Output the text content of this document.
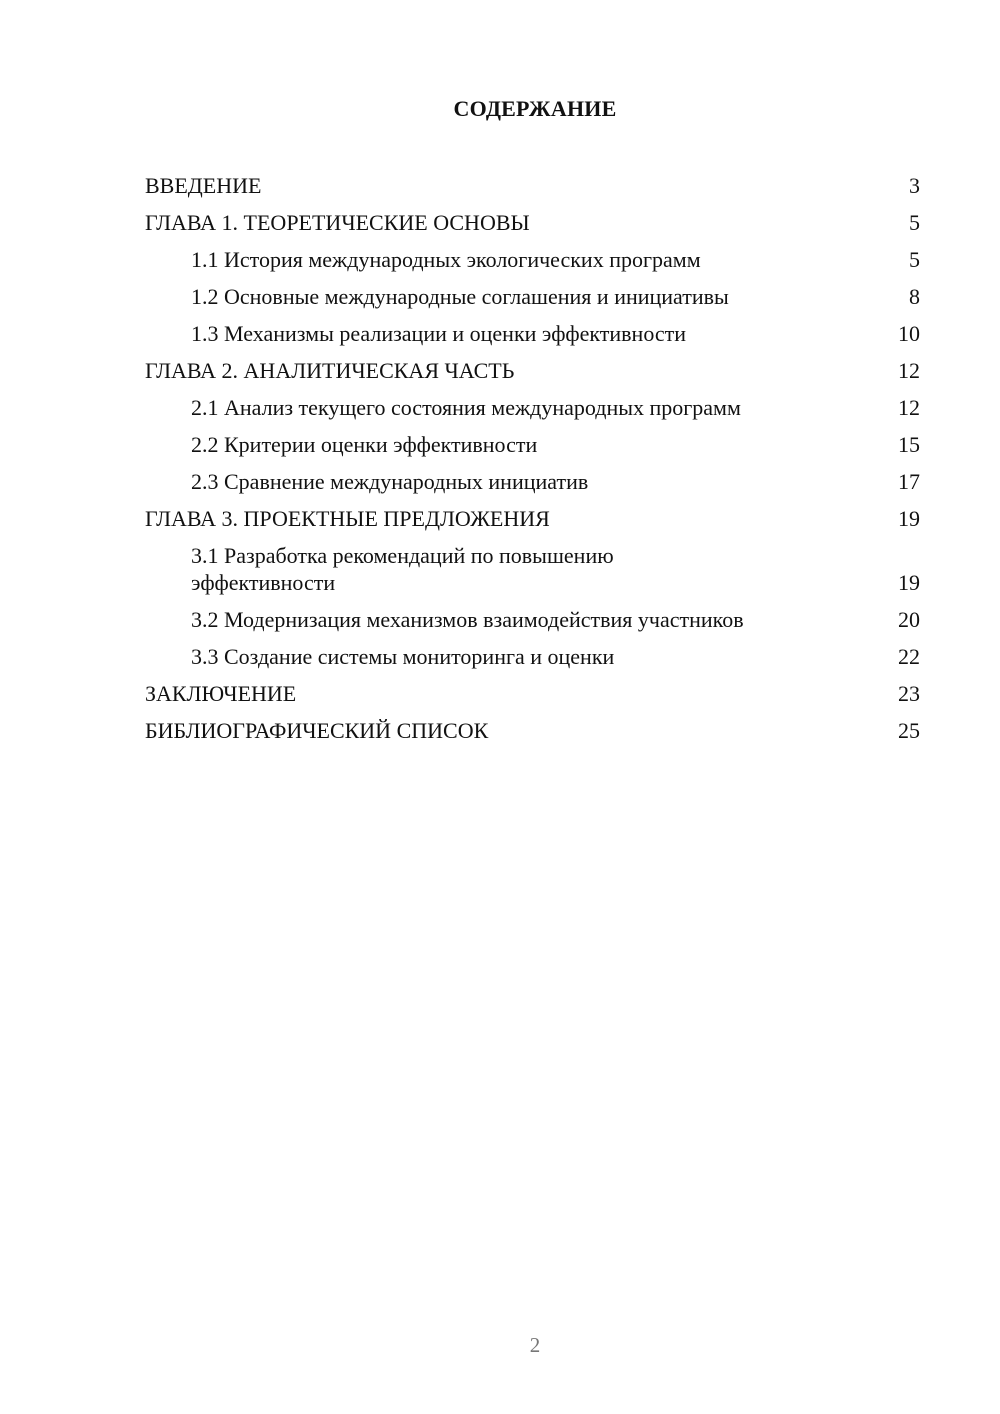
СОДЕРЖАНИЕ
ВВЕДЕНИЕ	3
ГЛАВА 1. ТЕОРЕТИЧЕСКИЕ ОСНОВЫ	5
1.1 История международных экологических программ	5
1.2 Основные международные соглашения и инициативы	8
1.3 Механизмы реализации и оценки эффективности	10
ГЛАВА 2. АНАЛИТИЧЕСКАЯ ЧАСТЬ	12
2.1 Анализ текущего состояния международных программ	12
2.2 Критерии оценки эффективности	15
2.3 Сравнение международных инициатив	17
ГЛАВА 3. ПРОЕКТНЫЕ ПРЕДЛОЖЕНИЯ	19
3.1 Разработка рекомендаций по повышению эффективности	19
3.2 Модернизация механизмов взаимодействия участников	20
3.3 Создание системы мониторинга и оценки	22
ЗАКЛЮЧЕНИЕ	23
БИБЛИОГРАФИЧЕСКИЙ СПИСОК	25
2
